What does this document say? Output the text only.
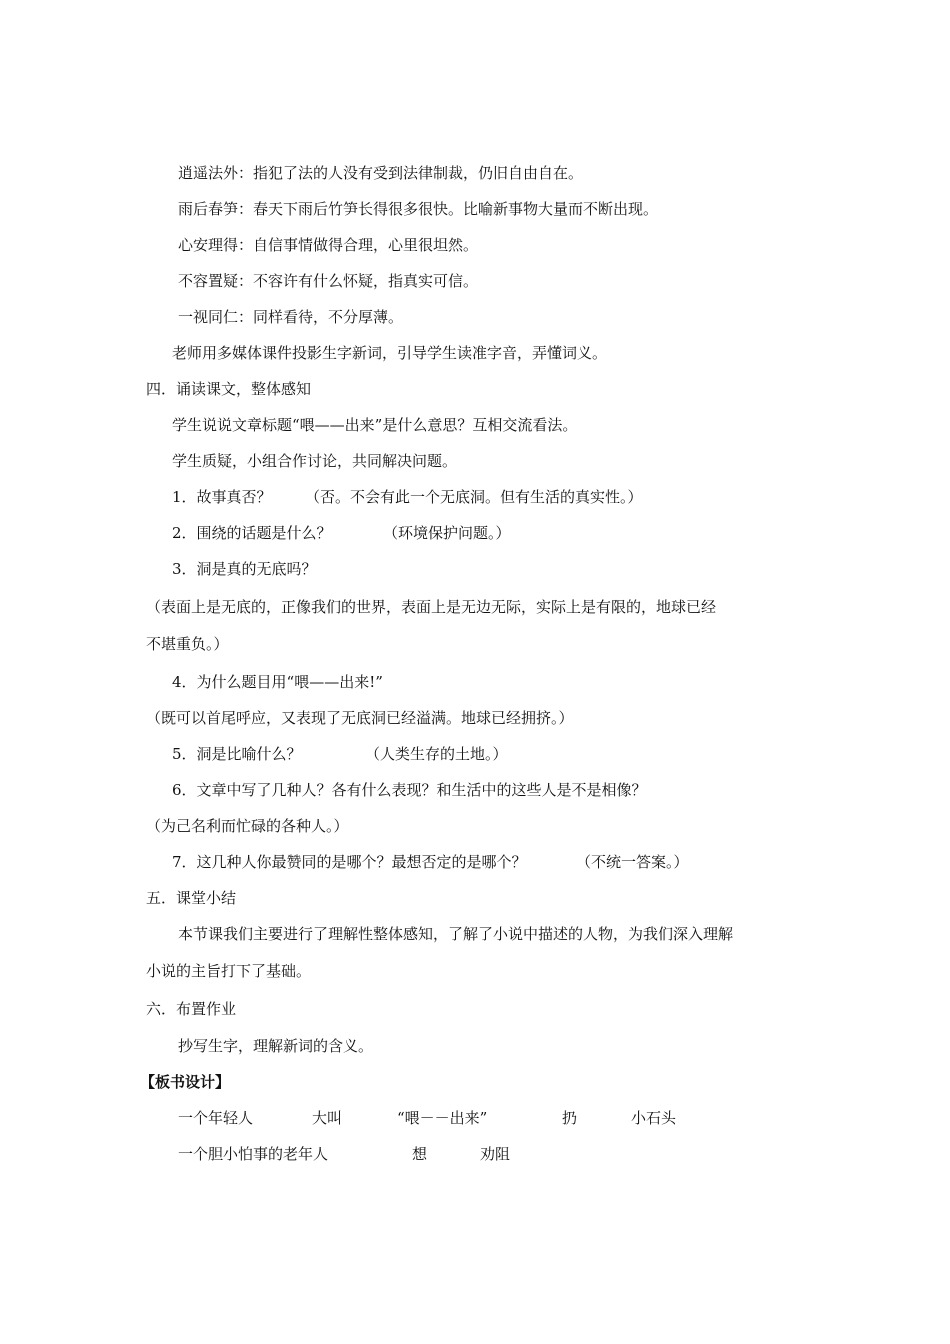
逍遥法外：指犯了法的人没有受到法律制裁，仍旧自由自在。
雨后春笋：春天下雨后竹笋长得很多很快。比喻新事物大量而不断出现。
心安理得：自信事情做得合理，心里很坦然。
不容置疑：不容许有什么怀疑，指真实可信。
一视同仁：同样看待，不分厚薄。
老师用多媒体课件投影生字新词，引导学生读准字音，弄懂词义。
四．诵读课文，整体感知
学生说说文章标题“喂——出来”是什么意思？互相交流看法。
学生质疑，小组合作讨论，共同解决问题。
1．故事真否？ （否。不会有此一个无底洞。但有生活的真实性。）
2．围绕的话题是什么？	（环境保护问题。）
3．洞是真的无底吗？
（表面上是无底的，正像我们的世界，表面上是无边无际，实际上是有限的，地球已经
不堪重负。）
4．为什么题目用“喂——出来!”
（既可以首尾呼应，又表现了无底洞已经溢满。地球已经拥挤。）
5．洞是比喻什么？	（人类生存的土地。）
6．文章中写了几种人？各有什么表现？和生活中的这些人是不是相像？
（为己名利而忙碌的各种人。）
7．这几种人你最赞同的是哪个？最想否定的是哪个？	（不统一答案。）
五．课堂小结
本节课我们主要进行了理解性整体感知，了解了小说中描述的人物，为我们深入理解
小说的主旨打下了基础。
六．布置作业
抄写生字，理解新词的含义。
【板书设计】
一个年轻人	大叫	“喂－－出来”	扔	小石头
一个胆小怕事的老年人	想	劝阻
